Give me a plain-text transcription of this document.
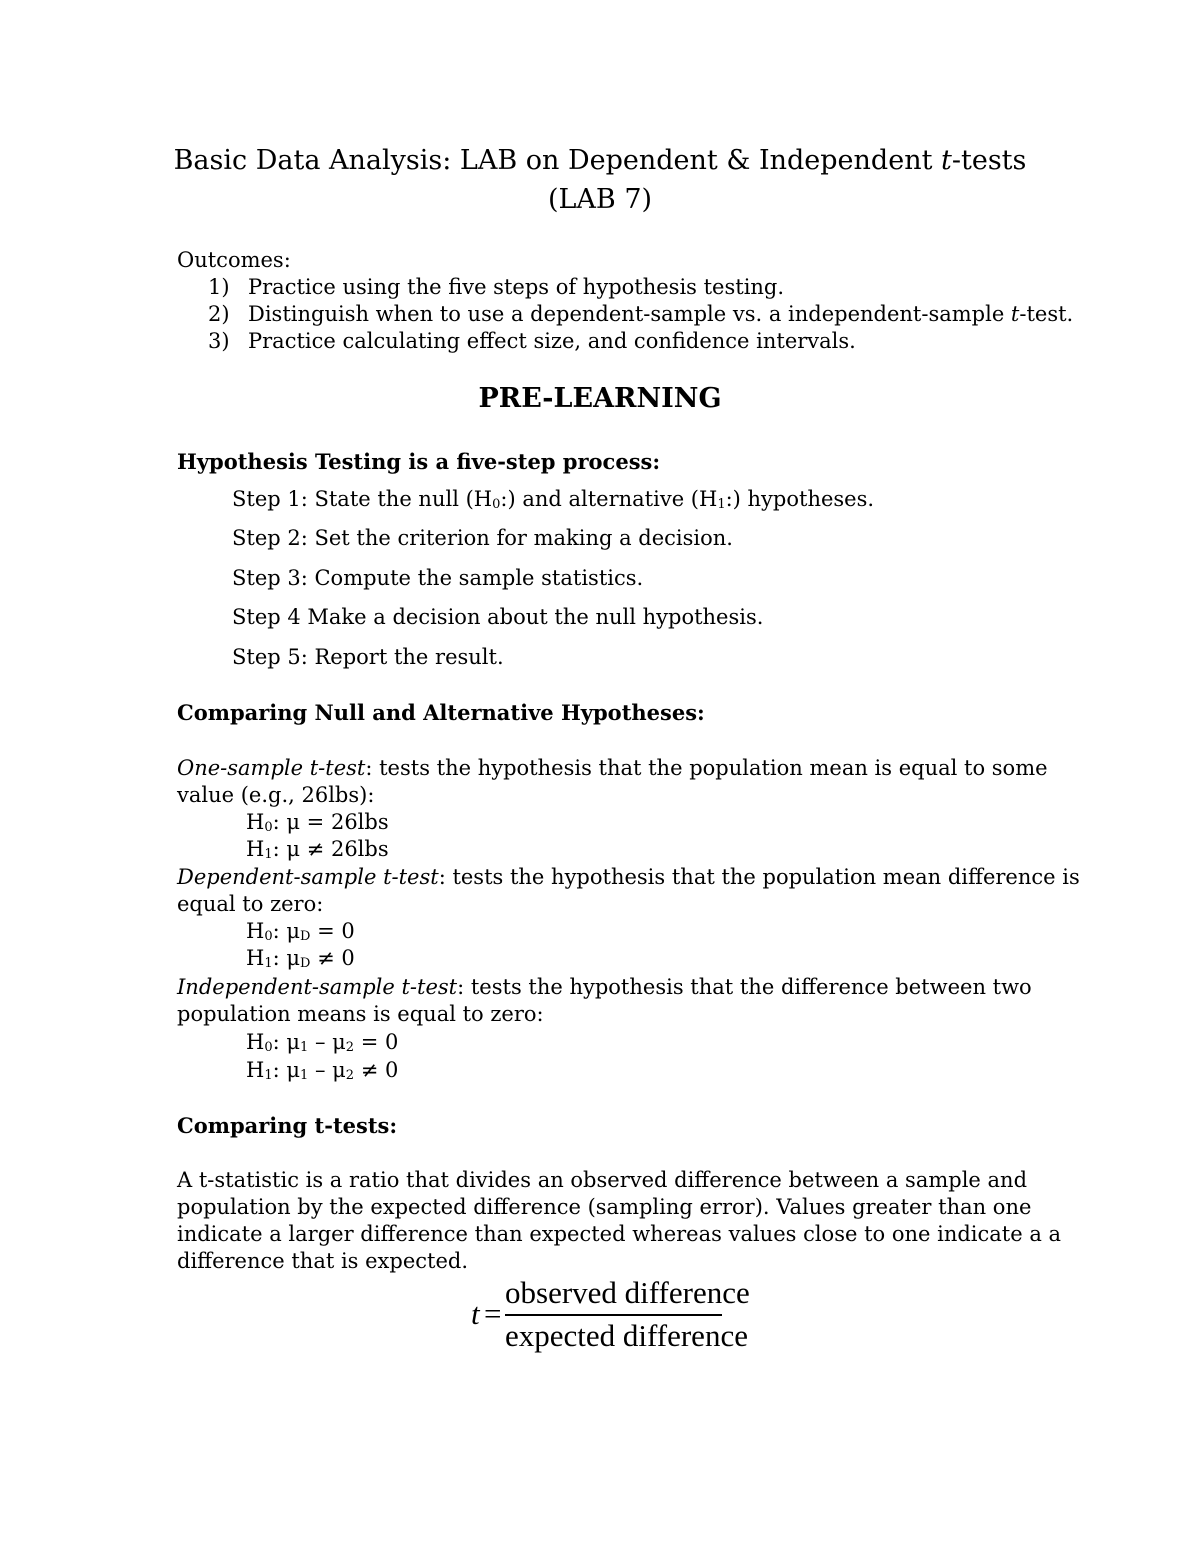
Basic Data Analysis: LAB on Dependent & Independent t-tests
(LAB 7)
Outcomes:
1) Practice using the five steps of hypothesis testing.
2) Distinguish when to use a dependent-sample vs. a independent-sample t-test.
3) Practice calculating effect size, and confidence intervals.
PRE-LEARNING
Hypothesis Testing is a five-step process:
Step 1: State the null (H0:) and alternative (H1:) hypotheses.
Step 2: Set the criterion for making a decision.
Step 3: Compute the sample statistics.
Step 4 Make a decision about the null hypothesis.
Step 5: Report the result.
Comparing Null and Alternative Hypotheses:
One-sample t-test: tests the hypothesis that the population mean is equal to some
value (e.g., 26lbs):
H0: μ = 26lbs
H1: μ ≠ 26lbs
Dependent-sample t-test: tests the hypothesis that the population mean difference is
equal to zero:
H0: μD = 0
H1: μD ≠ 0
Independent-sample t-test: tests the hypothesis that the difference between two
population means is equal to zero:
H0: μ1 – μ2 = 0
H1: μ1 – μ2 ≠ 0
Comparing t-tests:
A t-statistic is a ratio that divides an observed difference between a sample and
population by the expected difference (sampling error). Values greater than one
indicate a larger difference than expected whereas values close to one indicate a a
difference that is expected.
t =
observed difference
expected difference
